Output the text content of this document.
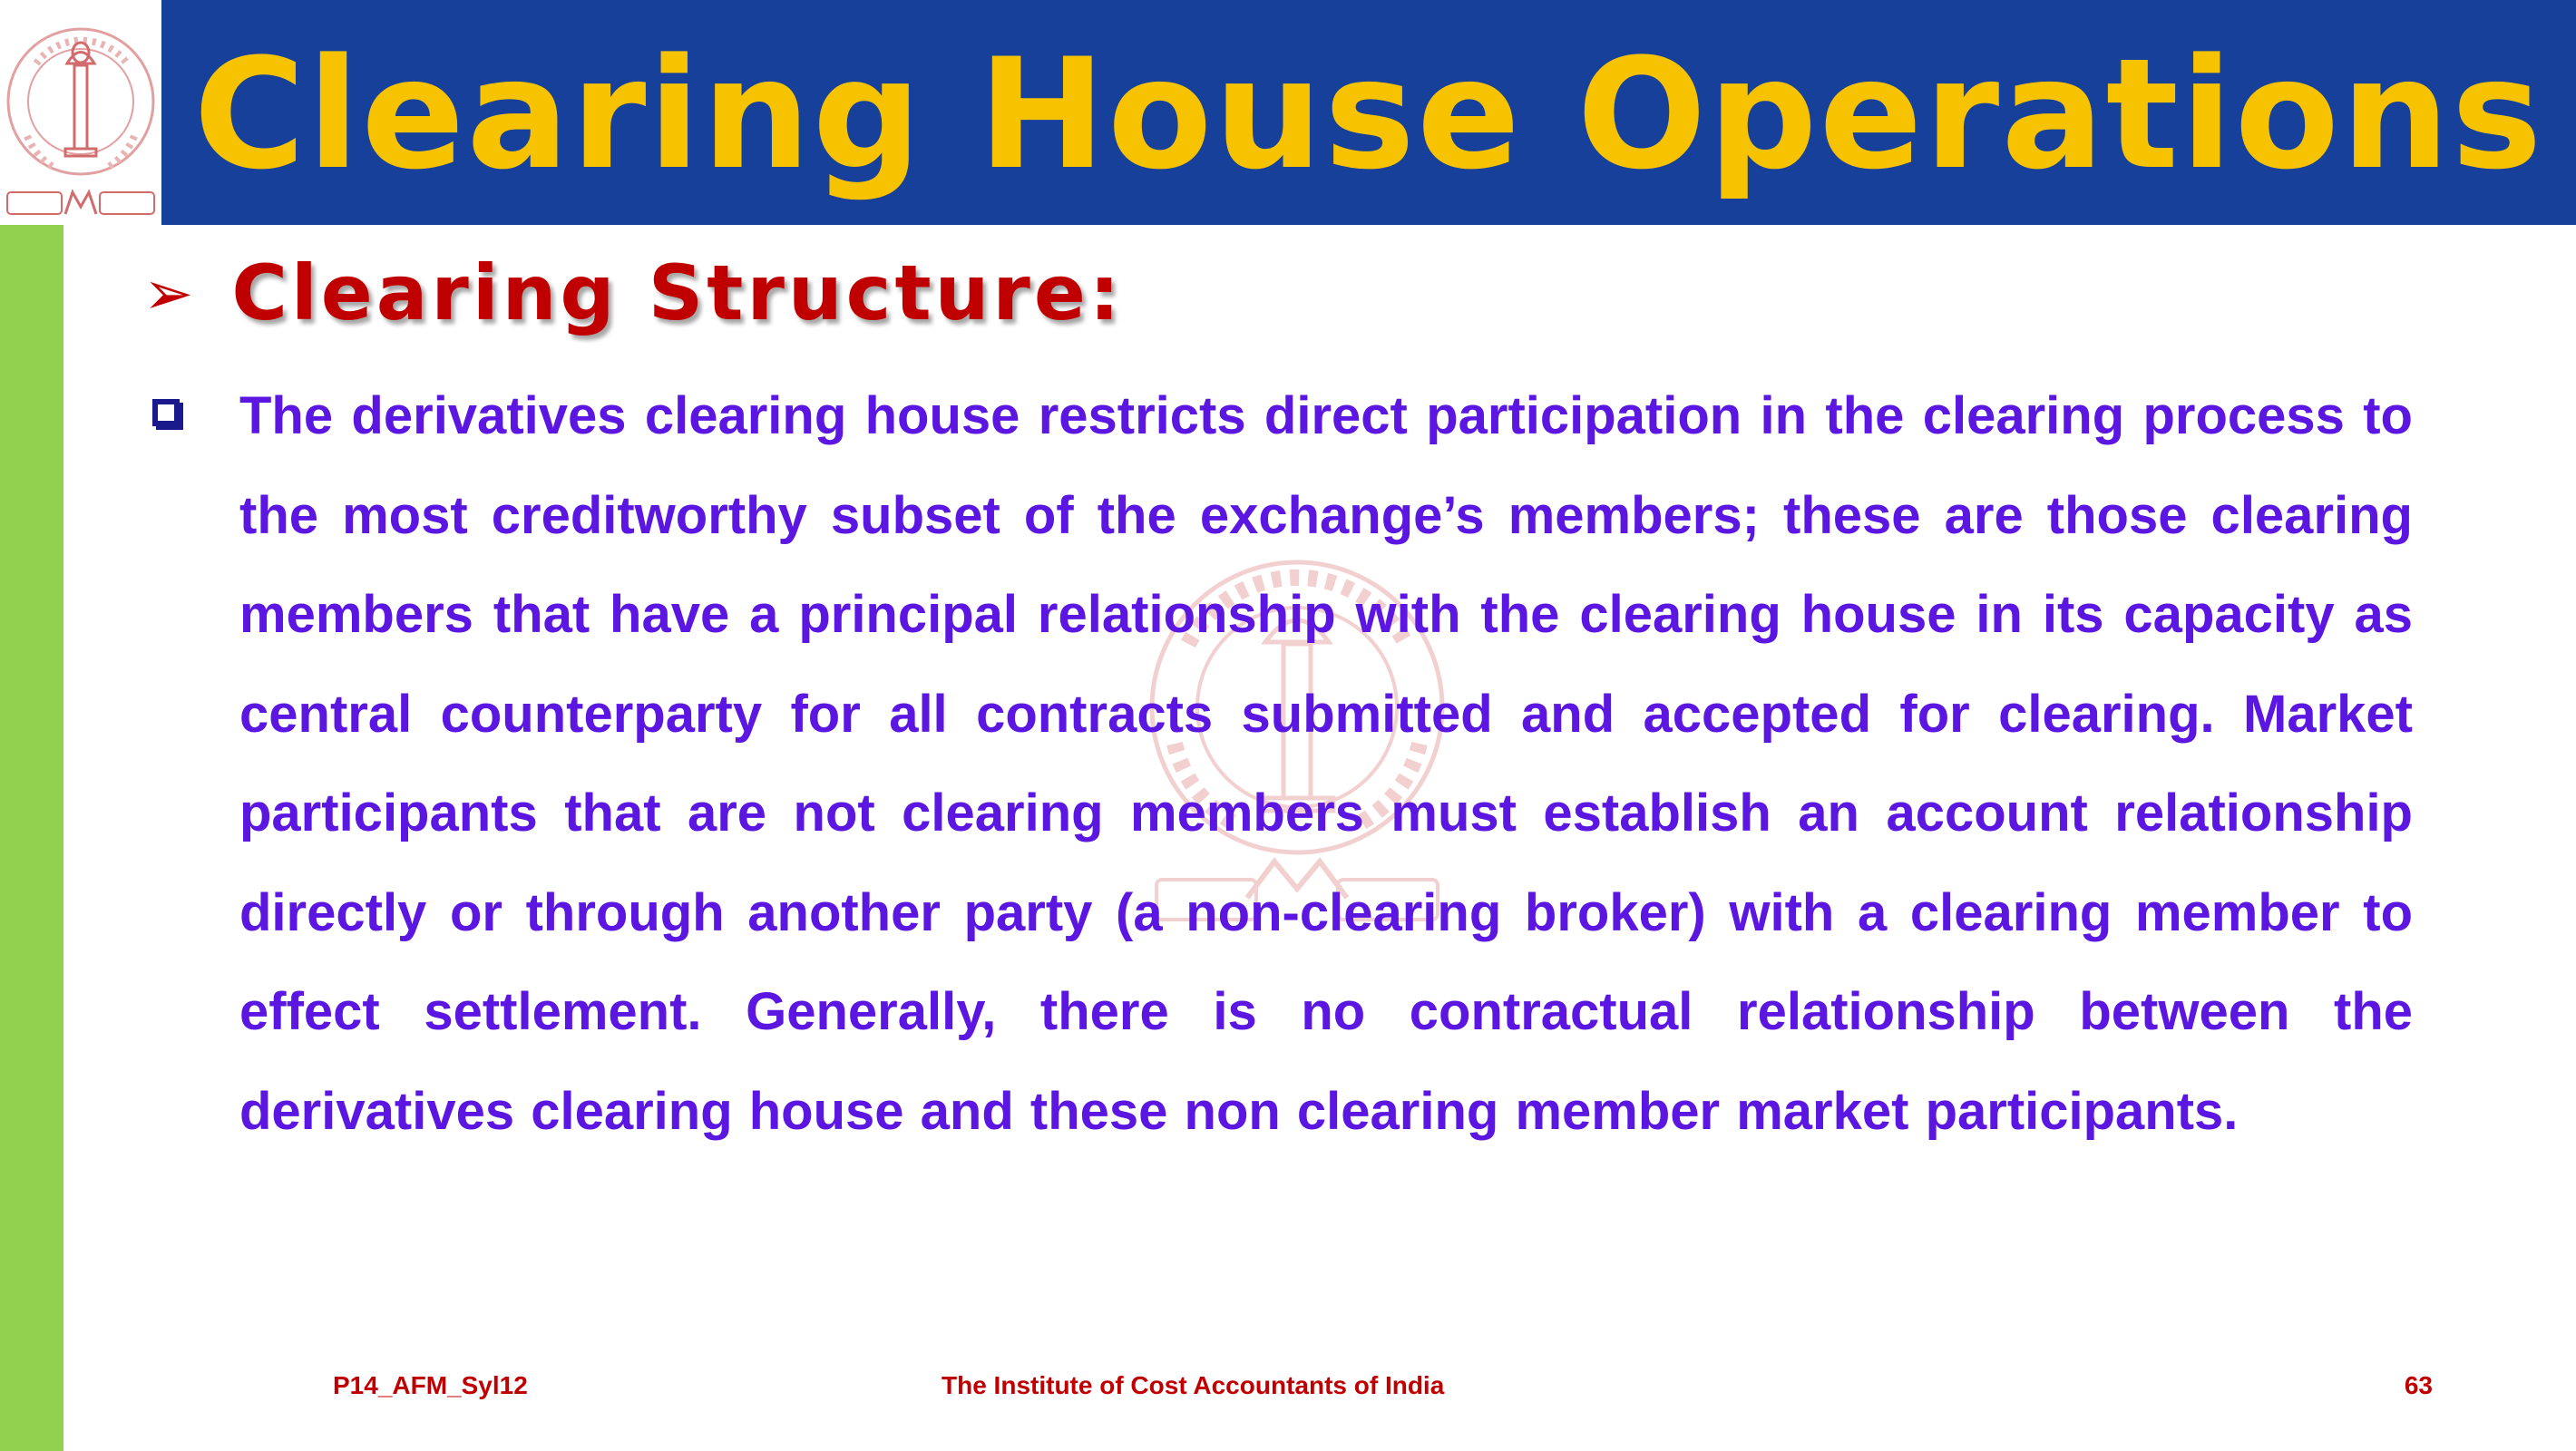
Clearing House Operations
➢ Clearing Structure:

The derivatives clearing house restricts direct participation in the clearing process to the most creditworthy subset of the exchange’s members; these are those clearing members that have a principal relationship with the clearing house in its capacity as central counterparty for all contracts submitted and accepted for clearing. Market participants that are not clearing members must establish an account relationship directly or through another party (a non-clearing broker) with a clearing member to effect settlement. Generally, there is no contractual relationship between the derivatives clearing house and these non clearing member market participants.

P14_AFM_Syl12	The Institute of Cost Accountants of India	63
